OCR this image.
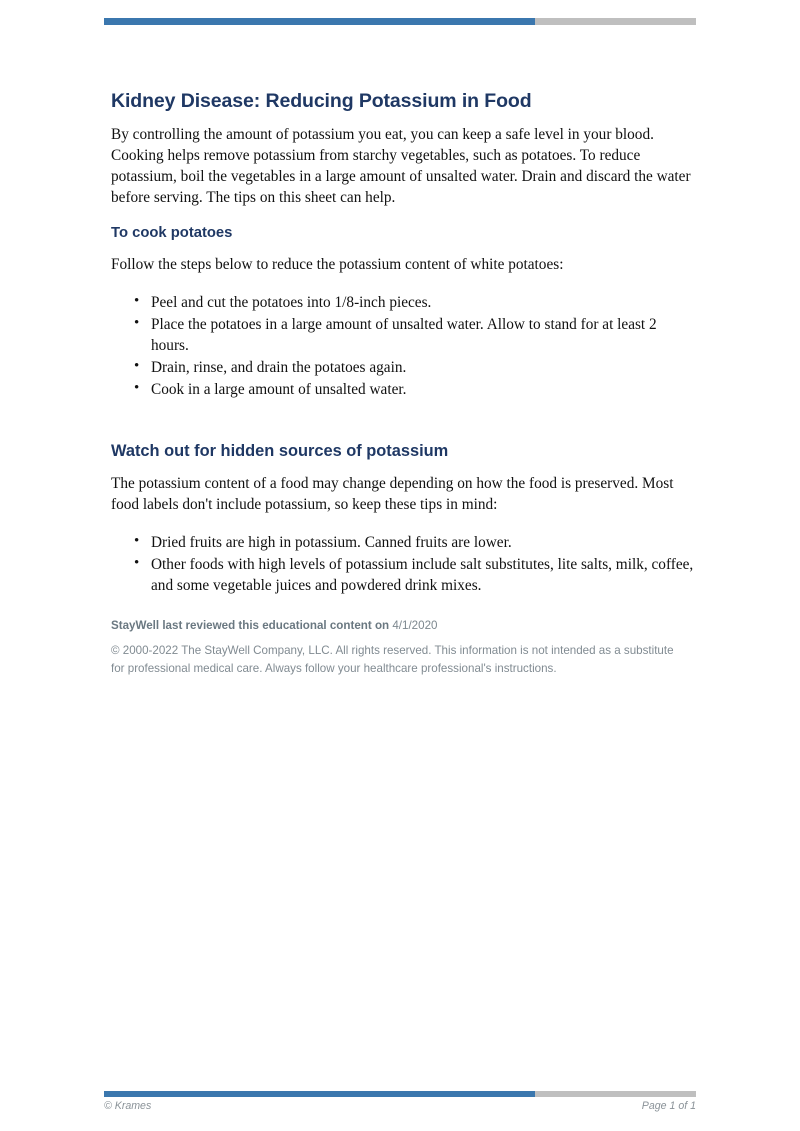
Kidney Disease: Reducing Potassium in Food

By controlling the amount of potassium you eat, you can keep a safe level in your blood. Cooking helps remove potassium from starchy vegetables, such as potatoes. To reduce potassium, boil the vegetables in a large amount of unsalted water. Drain and discard the water before serving. The tips on this sheet can help.

To cook potatoes

Follow the steps below to reduce the potassium content of white potatoes:

• Peel and cut the potatoes into 1/8-inch pieces.
• Place the potatoes in a large amount of unsalted water. Allow to stand for at least 2 hours.
• Drain, rinse, and drain the potatoes again.
• Cook in a large amount of unsalted water.
Watch out for hidden sources of potassium

The potassium content of a food may change depending on how the food is preserved. Most food labels don't include potassium, so keep these tips in mind:

• Dried fruits are high in potassium. Canned fruits are lower.
• Other foods with high levels of potassium include salt substitutes, lite salts, milk, coffee, and some vegetable juices and powdered drink mixes.
StayWell last reviewed this educational content on 4/1/2020
© 2000-2022 The StayWell Company, LLC. All rights reserved. This information is not intended as a substitute for professional medical care. Always follow your healthcare professional's instructions.
© Krames	Page 1 of 1
